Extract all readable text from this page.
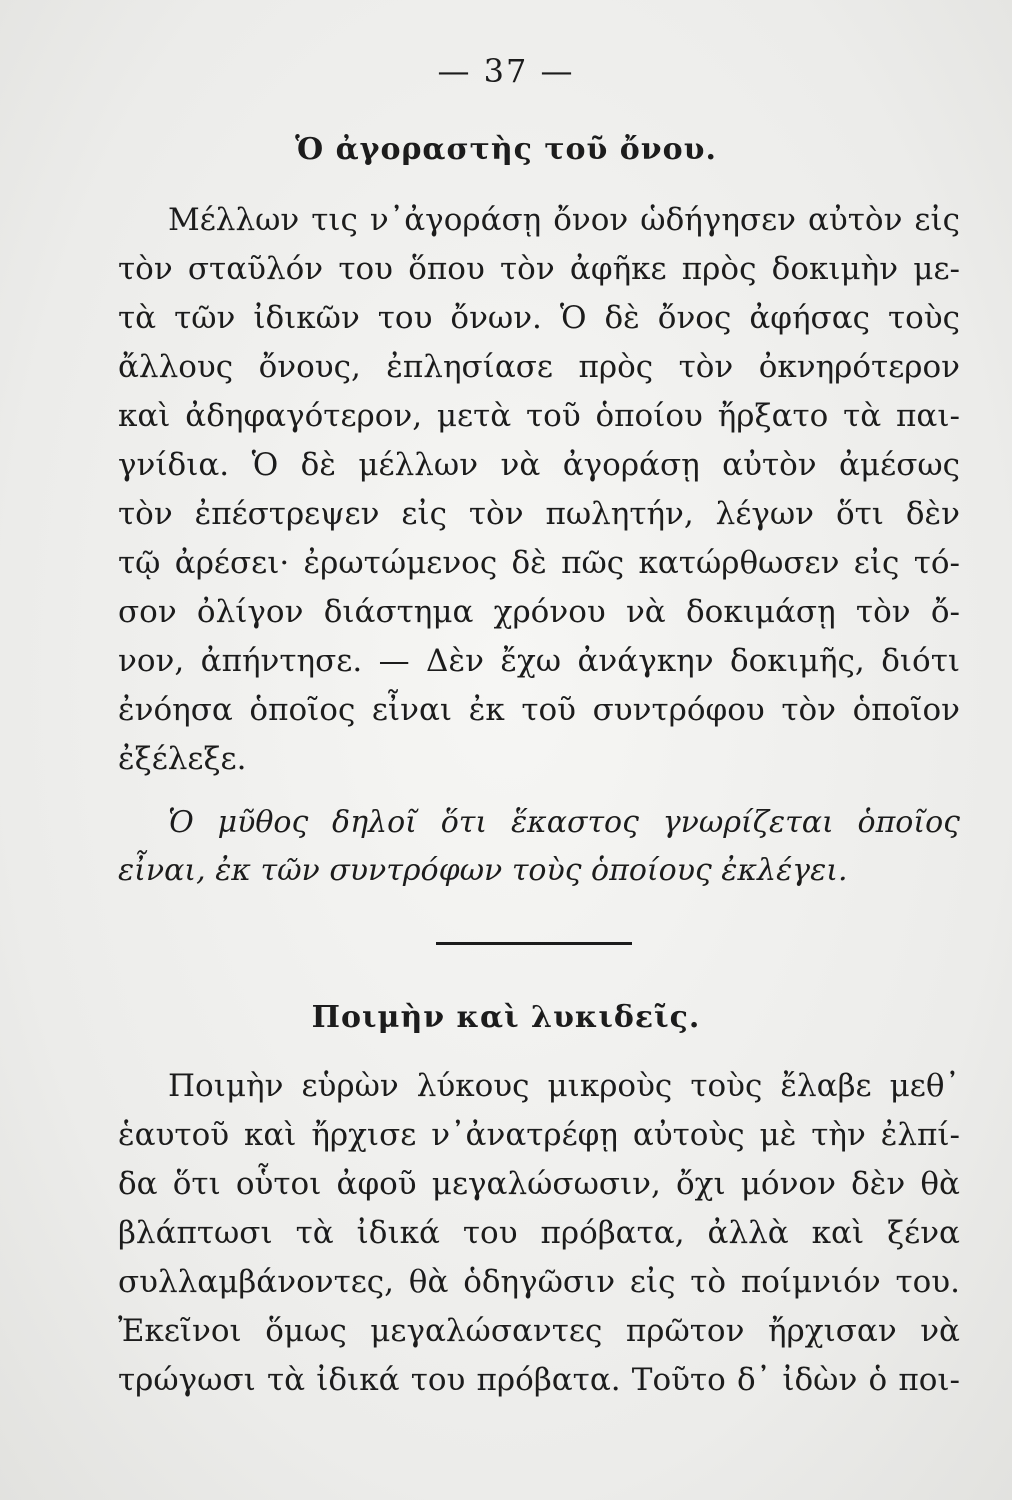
— 37 —
Ὁ ἀγοραστὴς τοῦ ὄνου.
Μέλλων τις ν᾽ἀγοράσῃ ὄνον ὡδήγησεν αὐτὸν εἰς
τὸν σταῦλόν του ὅπου τὸν ἀφῆκε πρὸς δοκιμὴν με-
τὰ τῶν ἰδικῶν του ὄνων. Ὁ δὲ ὄνος ἀφήσας τοὺς
ἄλλους ὄνους, ἐπλησίασε πρὸς τὸν ὀκνηρότερον
καὶ ἀδηφαγότερον, μετὰ τοῦ ὁποίου ἤρξατο τὰ παι-
γνίδια. Ὁ δὲ μέλλων νὰ ἀγοράσῃ αὐτὸν ἀμέσως
τὸν ἐπέστρεψεν εἰς τὸν πωλητήν, λέγων ὅτι δὲν
τῷ ἀρέσει· ἐρωτώμενος δὲ πῶς κατώρθωσεν εἰς τό-
σον ὀλίγον διάστημα χρόνου νὰ δοκιμάσῃ τὸν ὄ-
νον, ἀπήντησε. — Δὲν ἔχω ἀνάγκην δοκιμῆς, διότι
ἐνόησα ὁποῖος εἶναι ἐκ τοῦ συντρόφου τὸν ὁποῖον
ἐξέλεξε.
Ὁ μῦθος δηλοῖ ὅτι ἕκαστος γνωρίζεται ὁποῖος
εἶναι, ἐκ τῶν συντρόφων τοὺς ὁποίους ἐκλέγει.
Ποιμὴν καὶ λυκιδεῖς.
Ποιμὴν εὑρὼν λύκους μικροὺς τοὺς ἔλαβε μεθ᾽
ἑαυτοῦ καὶ ἤρχισε ν᾽ἀνατρέφῃ αὐτοὺς μὲ τὴν ἐλπί-
δα ὅτι οὗτοι ἀφοῦ μεγαλώσωσιν, ὄχι μόνον δὲν θὰ
βλάπτωσι τὰ ἰδικά του πρόβατα, ἀλλὰ καὶ ξένα
συλλαμβάνοντες, θὰ ὁδηγῶσιν εἰς τὸ ποίμνιόν του.
Ἐκεῖνοι ὅμως μεγαλώσαντες πρῶτον ἤρχισαν νὰ
τρώγωσι τὰ ἰδικά του πρόβατα. Τοῦτο δ᾽ ἰδὼν ὁ ποι-
